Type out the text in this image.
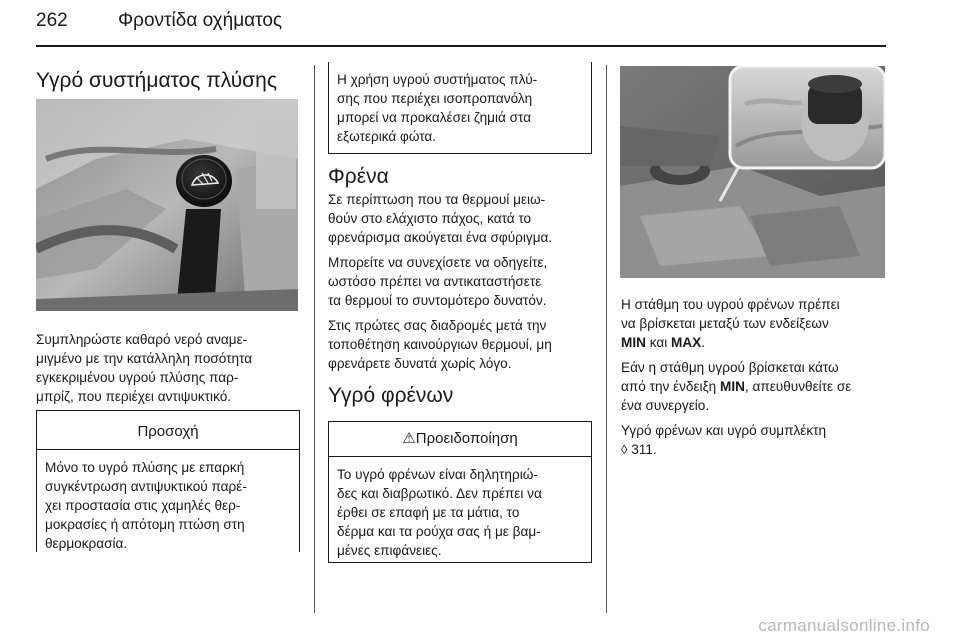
262	Φροντίδα οχήματος
Υγρό συστήματος πλύσης
Συμπληρώστε καθαρό νερό αναμε-
μιγμένο με την κατάλληλη ποσότητα
εγκεκριμένου υγρού πλύσης παρ-
μπρίζ, που περιέχει αντιψυκτικό.
Προσοχή
Μόνο το υγρό πλύσης με επαρκή
συγκέντρωση αντιψυκτικού παρέ-
χει προστασία στις χαμηλές θερ-
μοκρασίες ή απότομη πτώση στη
θερμοκρασία.
Η χρήση υγρού συστήματος πλύ-
σης που περιέχει ισοπροπανόλη
μπορεί να προκαλέσει ζημιά στα
εξωτερικά φώτα.
Φρένα
Σε περίπτωση που τα θερμουί μειω-
θούν στο ελάχιστο πάχος, κατά το
φρενάρισμα ακούγεται ένα σφύριγμα.
Μπορείτε να συνεχίσετε να οδηγείτε,
ωστόσο πρέπει να αντικαταστήσετε
τα θερμουί το συντομότερο δυνατόν.
Στις πρώτες σας διαδρομές μετά την
τοποθέτηση καινούργιων θερμουί, μη
φρενάρετε δυνατά χωρίς λόγο.
Υγρό φρένων
⚠Προειδοποίηση
Το υγρό φρένων είναι δηλητηριώ-
δες και διαβρωτικό. Δεν πρέπει να
έρθει σε επαφή με τα μάτια, το
δέρμα και τα ρούχα σας ή με βαμ-
μένες επιφάνειες.
Η στάθμη του υγρού φρένων πρέπει
να βρίσκεται μεταξύ των ενδείξεων
MIN και MAX.
Εάν η στάθμη υγρού βρίσκεται κάτω
από την ένδειξη MIN, απευθυνθείτε σε
ένα συνεργείο.
Υγρό φρένων και υγρό συμπλέκτη
◊ 311.
carmanualsonline.info
